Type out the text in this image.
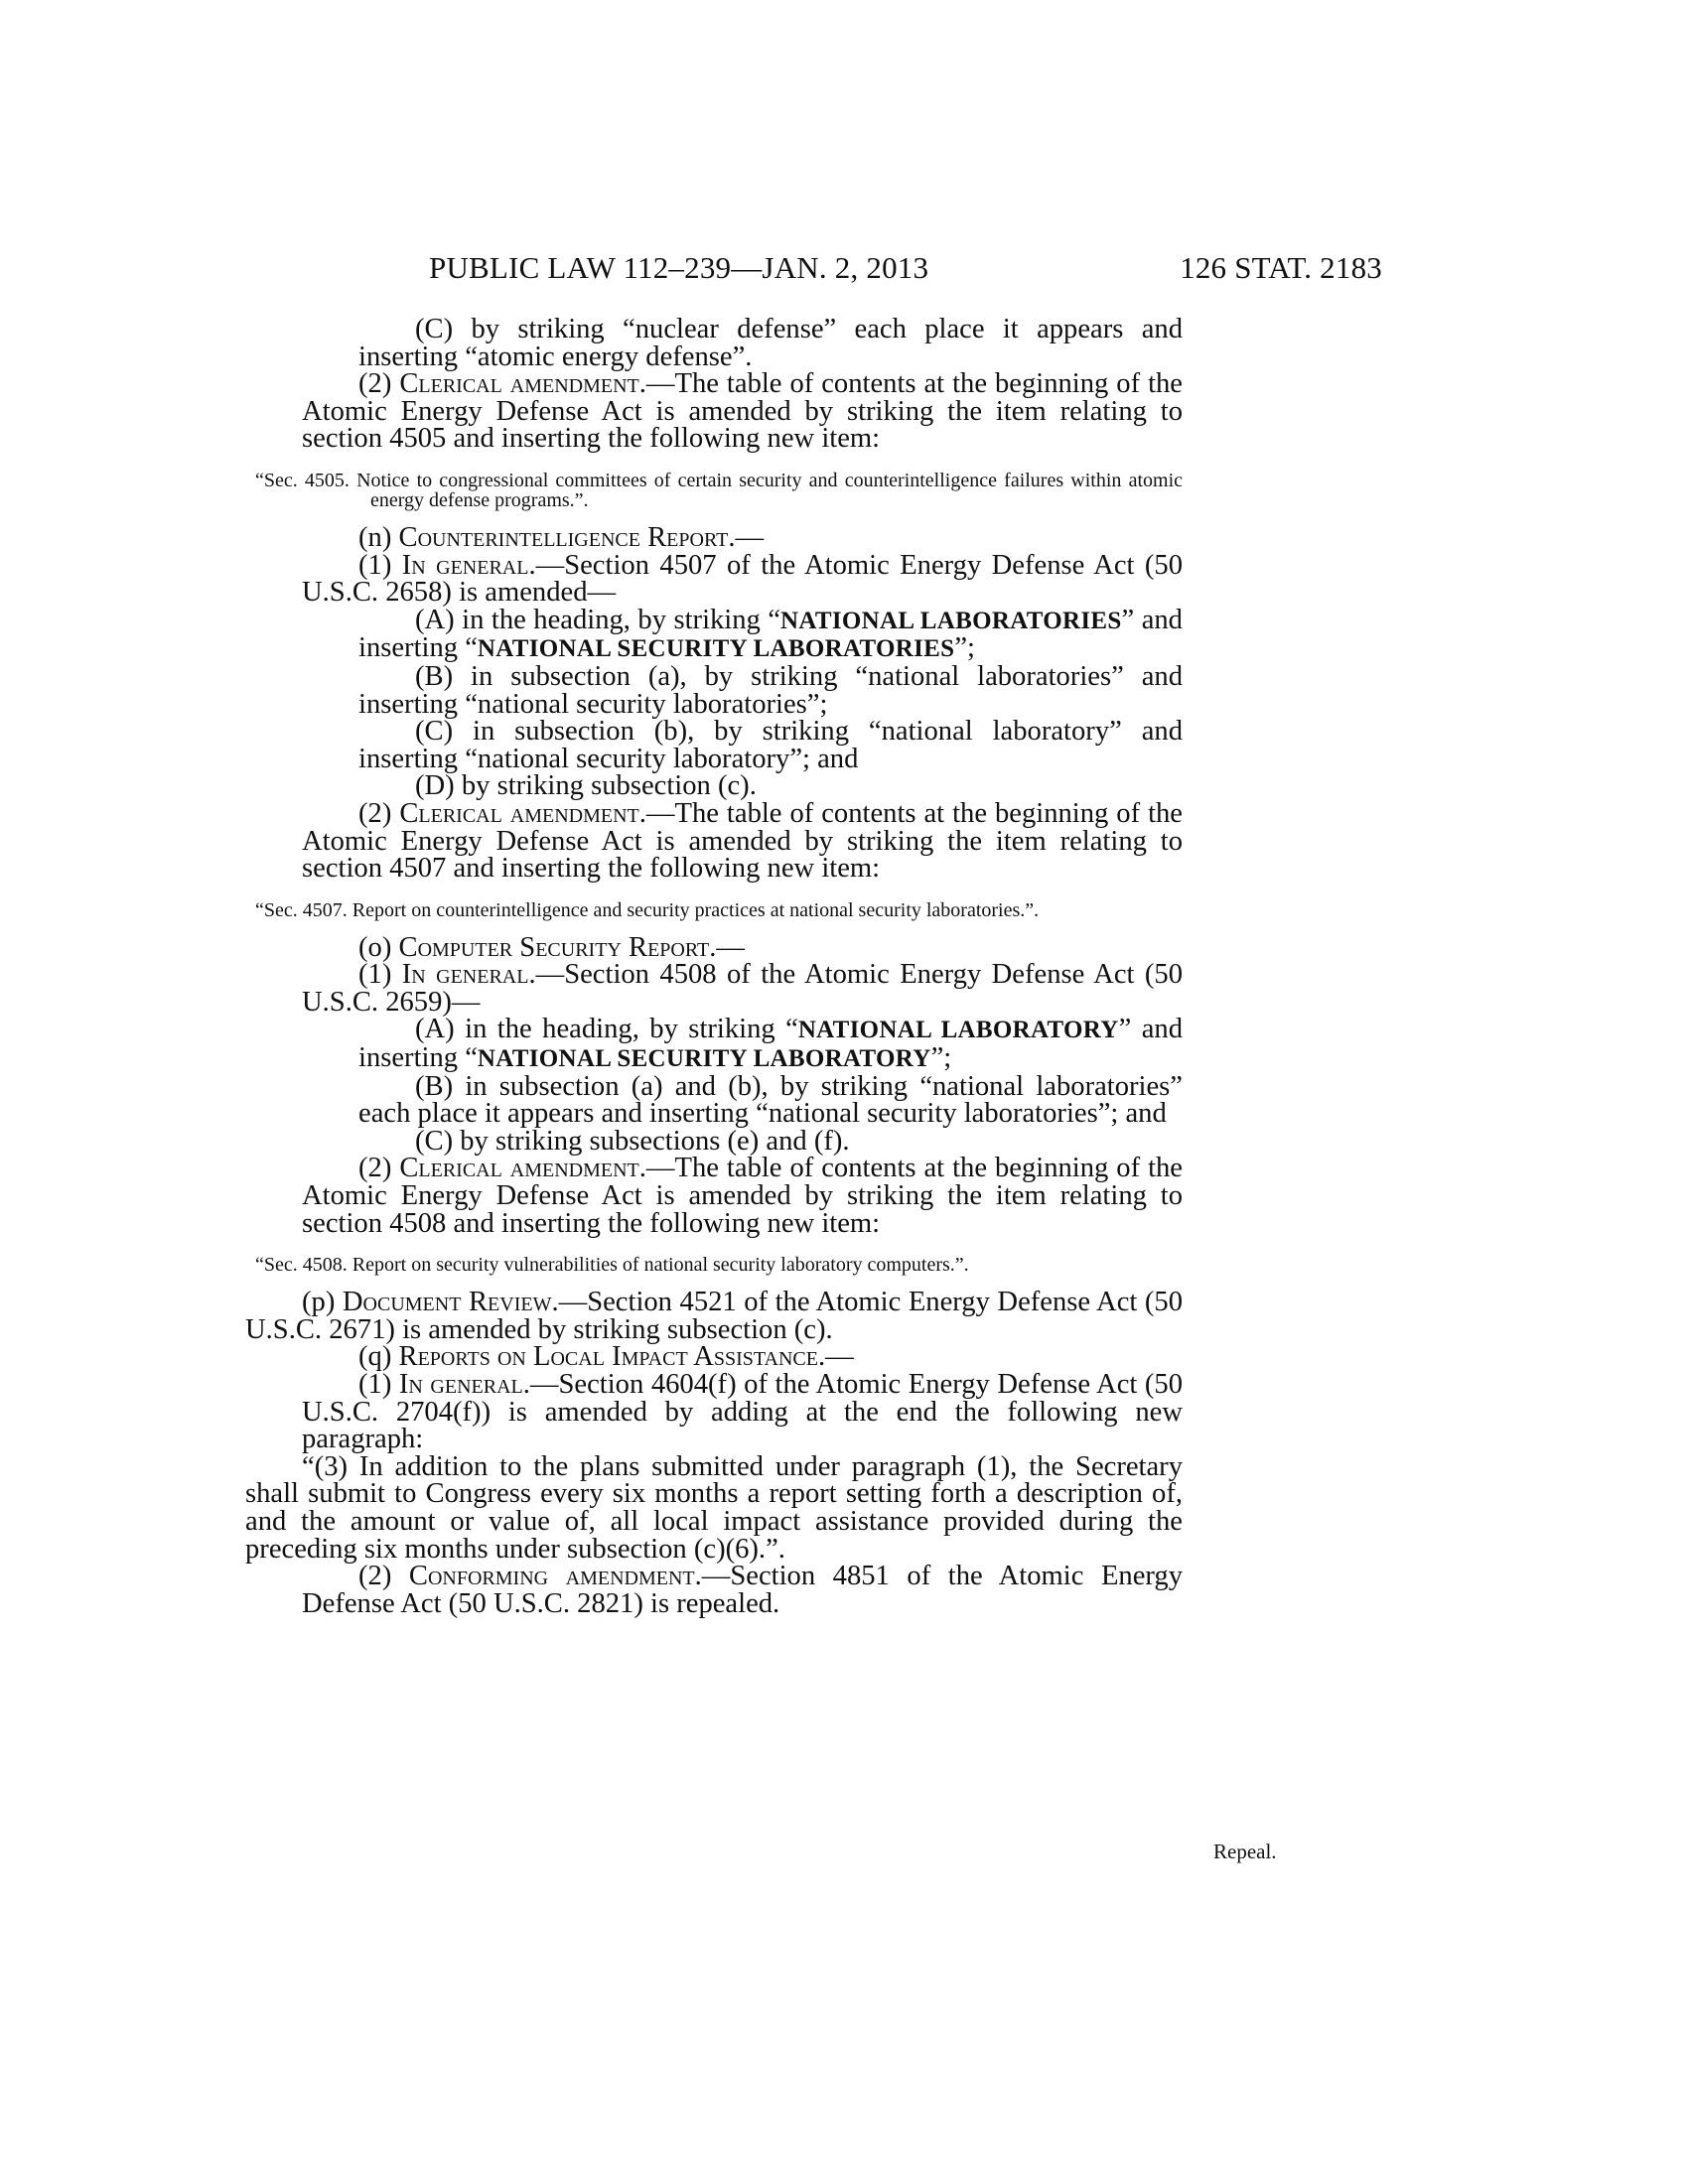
PUBLIC LAW 112–239—JAN. 2, 2013	126 STAT. 2183

(C) by striking “nuclear defense” each place it appears and inserting “atomic energy defense”.

(2) Clerical amendment.—The table of contents at the beginning of the Atomic Energy Defense Act is amended by striking the item relating to section 4505 and inserting the following new item:

“Sec. 4505. Notice to congressional committees of certain security and counterintelligence failures within atomic energy defense programs.”.

(n) Counterintelligence Report.—

(1) In general.—Section 4507 of the Atomic Energy Defense Act (50 U.S.C. 2658) is amended—

(A) in the heading, by striking “NATIONAL LABORATORIES” and inserting “NATIONAL SECURITY LABORATORIES”;

(B) in subsection (a), by striking “national laboratories” and inserting “national security laboratories”;

(C) in subsection (b), by striking “national laboratory” and inserting “national security laboratory”; and

(D) by striking subsection (c).

(2) Clerical amendment.—The table of contents at the beginning of the Atomic Energy Defense Act is amended by striking the item relating to section 4507 and inserting the following new item:

“Sec. 4507. Report on counterintelligence and security practices at national security laboratories.”.

(o) Computer Security Report.—

(1) In general.—Section 4508 of the Atomic Energy Defense Act (50 U.S.C. 2659)—

(A) in the heading, by striking “NATIONAL LABORATORY” and inserting “NATIONAL SECURITY LABORATORY”;

(B) in subsection (a) and (b), by striking “national laboratories” each place it appears and inserting “national security laboratories”; and

(C) by striking subsections (e) and (f).

(2) Clerical amendment.—The table of contents at the beginning of the Atomic Energy Defense Act is amended by striking the item relating to section 4508 and inserting the following new item:

“Sec. 4508. Report on security vulnerabilities of national security laboratory computers.”.

(p) Document Review.—Section 4521 of the Atomic Energy Defense Act (50 U.S.C. 2671) is amended by striking subsection (c).

(q) Reports on Local Impact Assistance.—

(1) In general.—Section 4604(f) of the Atomic Energy Defense Act (50 U.S.C. 2704(f)) is amended by adding at the end the following new paragraph:

“(3) In addition to the plans submitted under paragraph (1), the Secretary shall submit to Congress every six months a report setting forth a description of, and the amount or value of, all local impact assistance provided during the preceding six months under subsection (c)(6).”.

(2) Conforming amendment.—Section 4851 of the Atomic Energy Defense Act (50 U.S.C. 2821) is repealed.

Repeal.
